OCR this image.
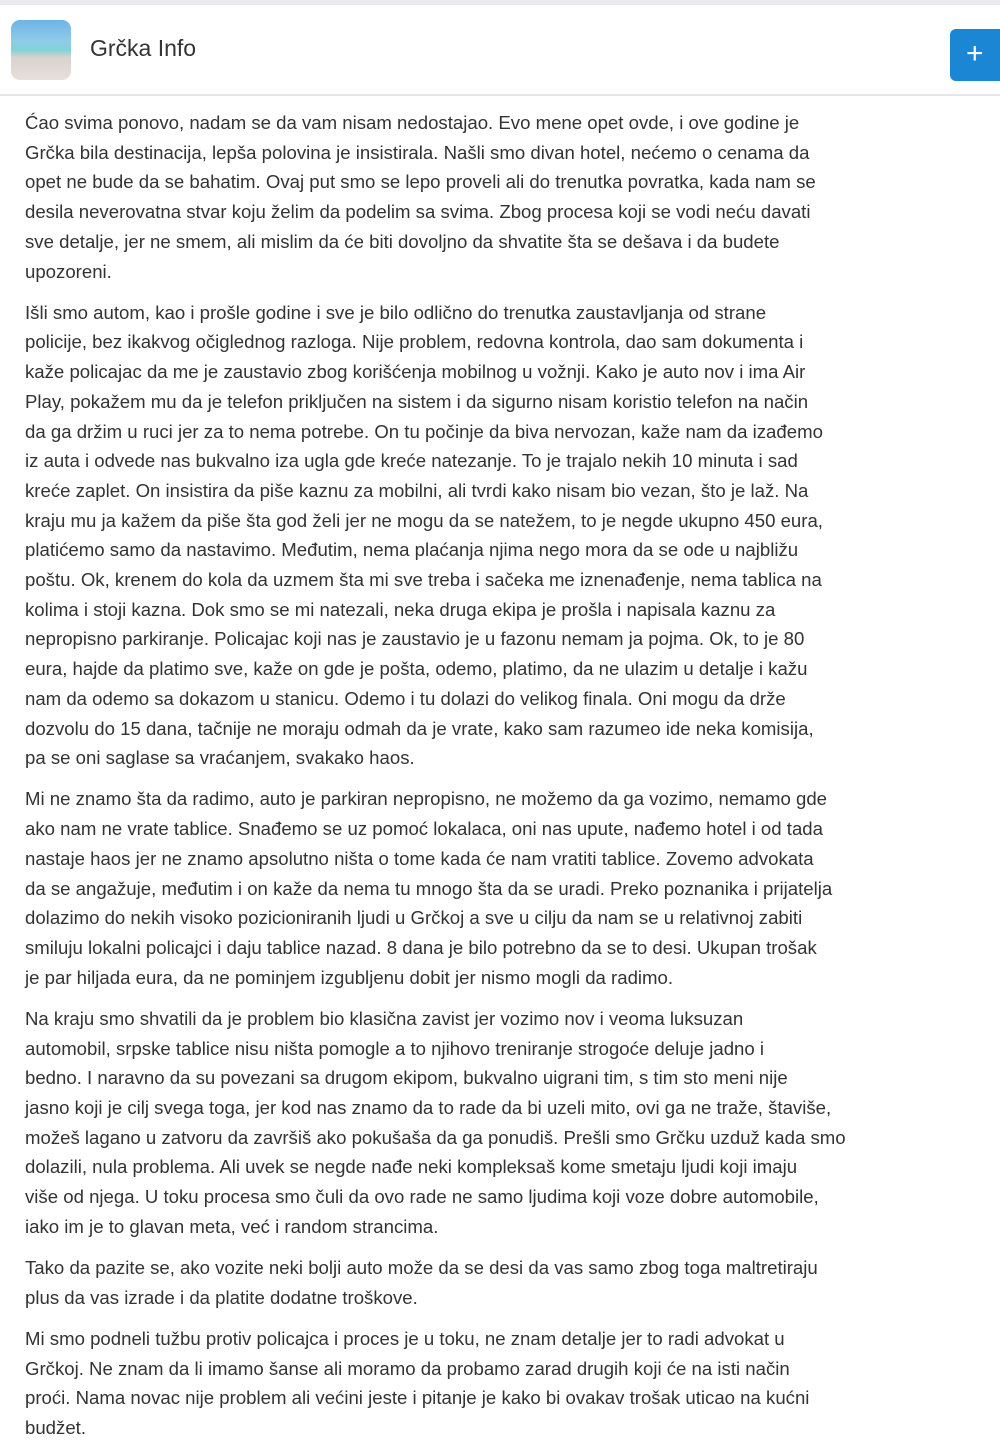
Grčka Info	+
Ćao svima ponovo, nadam se da vam nisam nedostajao. Evo mene opet ovde, i ove godine je
Grčka bila destinacija, lepša polovina je insistirala. Našli smo divan hotel, nećemo o cenama da
opet ne bude da se bahatim. Ovaj put smo se lepo proveli ali do trenutka povratka, kada nam se
desila neverovatna stvar koju želim da podelim sa svima. Zbog procesa koji se vodi neću davati
sve detalje, jer ne smem, ali mislim da će biti dovoljno da shvatite šta se dešava i da budete
upozoreni.
Išli smo autom, kao i prošle godine i sve je bilo odlično do trenutka zaustavljanja od strane
policije, bez ikakvog očiglednog razloga. Nije problem, redovna kontrola, dao sam dokumenta i
kaže policajac da me je zaustavio zbog korišćenja mobilnog u vožnji. Kako je auto nov i ima Air
Play, pokažem mu da je telefon priključen na sistem i da sigurno nisam koristio telefon na način
da ga držim u ruci jer za to nema potrebe. On tu počinje da biva nervozan, kaže nam da izađemo
iz auta i odvede nas bukvalno iza ugla gde kreće natezanje. To je trajalo nekih 10 minuta i sad
kreće zaplet. On insistira da piše kaznu za mobilni, ali tvrdi kako nisam bio vezan, što je laž. Na
kraju mu ja kažem da piše šta god želi jer ne mogu da se natežem, to je negde ukupno 450 eura,
platićemo samo da nastavimo. Međutim, nema plaćanja njima nego mora da se ode u najbližu
poštu. Ok, krenem do kola da uzmem šta mi sve treba i sačeka me iznenađenje, nema tablica na
kolima i stoji kazna. Dok smo se mi natezali, neka druga ekipa je prošla i napisala kaznu za
nepropisno parkiranje. Policajac koji nas je zaustavio je u fazonu nemam ja pojma. Ok, to je 80
eura, hajde da platimo sve, kaže on gde je pošta, odemo, platimo, da ne ulazim u detalje i kažu
nam da odemo sa dokazom u stanicu. Odemo i tu dolazi do velikog finala. Oni mogu da drže
dozvolu do 15 dana, tačnije ne moraju odmah da je vrate, kako sam razumeo ide neka komisija,
pa se oni saglase sa vraćanjem, svakako haos.
Mi ne znamo šta da radimo, auto je parkiran nepropisno, ne možemo da ga vozimo, nemamo gde
ako nam ne vrate tablice. Snađemo se uz pomoć lokalaca, oni nas upute, nađemo hotel i od tada
nastaje haos jer ne znamo apsolutno ništa o tome kada će nam vratiti tablice. Zovemo advokata
da se angažuje, međutim i on kaže da nema tu mnogo šta da se uradi. Preko poznanika i prijatelja
dolazimo do nekih visoko pozicioniranih ljudi u Grčkoj a sve u cilju da nam se u relativnoj zabiti
smiluju lokalni policajci i daju tablice nazad. 8 dana je bilo potrebno da se to desi. Ukupan trošak
je par hiljada eura, da ne pominjem izgubljenu dobit jer nismo mogli da radimo.
Na kraju smo shvatili da je problem bio klasična zavist jer vozimo nov i veoma luksuzan
automobil, srpske tablice nisu ništa pomogle a to njihovo treniranje strogoće deluje jadno i
bedno. I naravno da su povezani sa drugom ekipom, bukvalno uigrani tim, s tim sto meni nije
jasno koji je cilj svega toga, jer kod nas znamo da to rade da bi uzeli mito, ovi ga ne traže, štaviše,
možeš lagano u zatvoru da završiš ako pokušaša da ga ponudiš. Prešli smo Grčku uzduž kada smo
dolazili, nula problema. Ali uvek se negde nađe neki kompleksaš kome smetaju ljudi koji imaju
više od njega. U toku procesa smo čuli da ovo rade ne samo ljudima koji voze dobre automobile,
iako im je to glavan meta, već i random strancima.
Tako da pazite se, ako vozite neki bolji auto može da se desi da vas samo zbog toga maltretiraju
plus da vas izrade i da platite dodatne troškove.
Mi smo podneli tužbu protiv policajca i proces je u toku, ne znam detalje jer to radi advokat u
Grčkoj. Ne znam da li imamo šanse ali moramo da probamo zarad drugih koji će na isti način
proći. Nama novac nije problem ali većini jeste i pitanje je kako bi ovakav trošak uticao na kućni
budžet.
